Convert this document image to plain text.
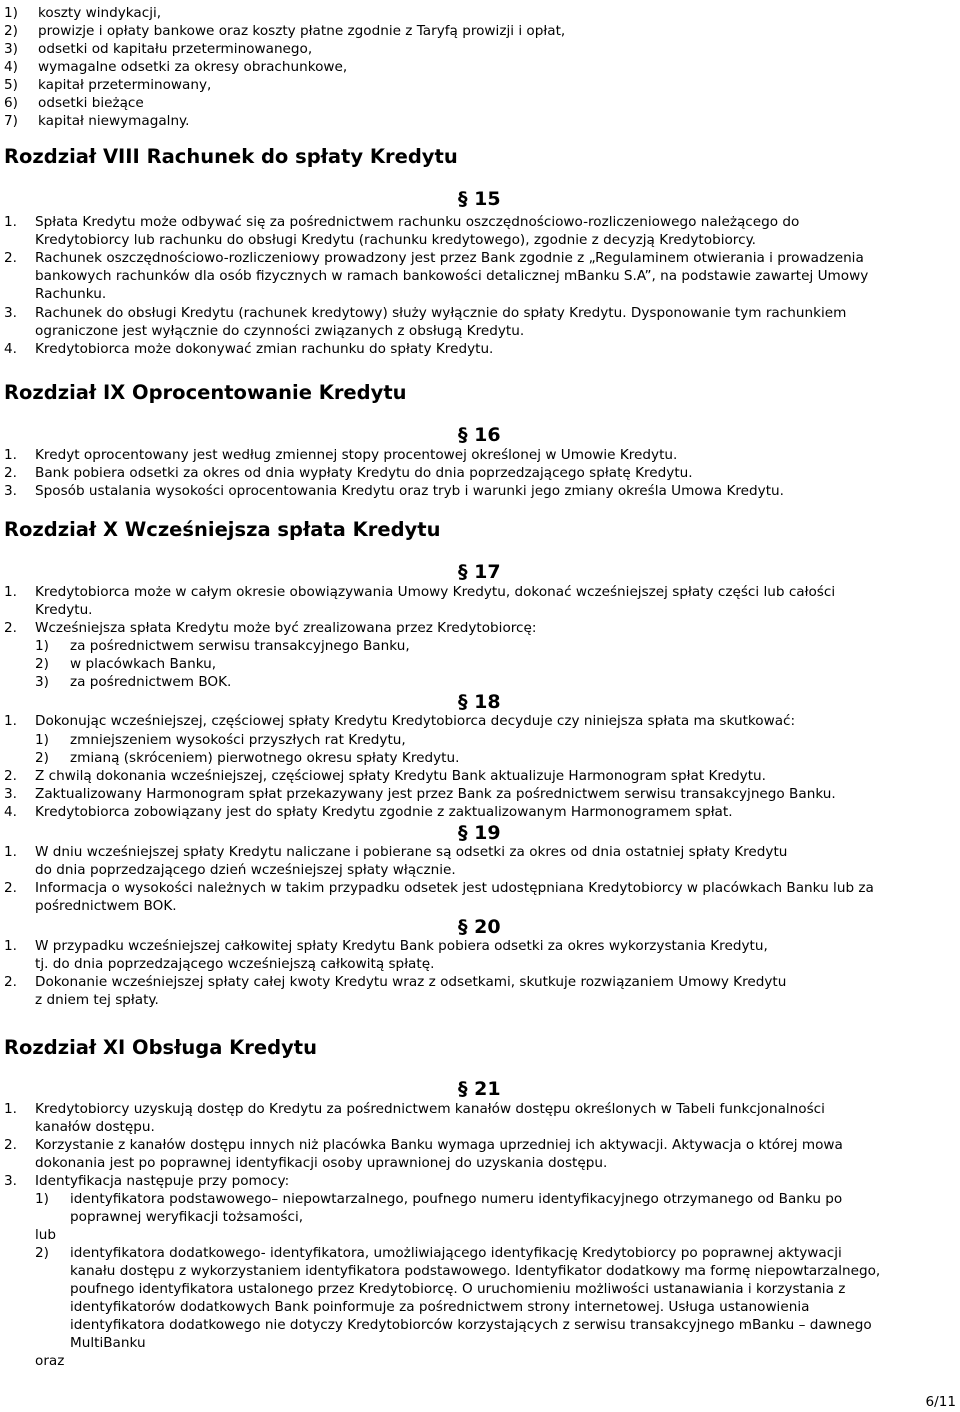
1) koszty windykacji,
2) prowizje i opłaty bankowe oraz koszty płatne zgodnie z Taryfą prowizji i opłat,
3) odsetki od kapitału przeterminowanego,
4) wymagalne odsetki za okresy obrachunkowe,
5) kapitał przeterminowany,
6) odsetki bieżące
7) kapitał niewymagalny.
Rozdział VIII Rachunek do spłaty Kredytu
§ 15
1. Spłata Kredytu może odbywać się za pośrednictwem rachunku oszczędnościowo-rozliczeniowego należącego do
Kredytobiorcy lub rachunku do obsługi Kredytu (rachunku kredytowego), zgodnie z decyzją Kredytobiorcy.
2. Rachunek oszczędnościowo-rozliczeniowy prowadzony jest przez Bank zgodnie z „Regulaminem otwierania i prowadzenia
bankowych rachunków dla osób fizycznych w ramach bankowości detalicznej mBanku S.A”, na podstawie zawartej Umowy
Rachunku.
3. Rachunek do obsługi Kredytu (rachunek kredytowy) służy wyłącznie do spłaty Kredytu. Dysponowanie tym rachunkiem
ograniczone jest wyłącznie do czynności związanych z obsługą Kredytu.
4. Kredytobiorca może dokonywać zmian rachunku do spłaty Kredytu.
Rozdział IX Oprocentowanie Kredytu
§ 16
1. Kredyt oprocentowany jest według zmiennej stopy procentowej określonej w Umowie Kredytu.
2. Bank pobiera odsetki za okres od dnia wypłaty Kredytu do dnia poprzedzającego spłatę Kredytu.
3. Sposób ustalania wysokości oprocentowania Kredytu oraz tryb i warunki jego zmiany określa Umowa Kredytu.
Rozdział X Wcześniejsza spłata Kredytu
§ 17
1. Kredytobiorca może w całym okresie obowiązywania Umowy Kredytu, dokonać wcześniejszej spłaty części lub całości
Kredytu.
2. Wcześniejsza spłata Kredytu może być zrealizowana przez Kredytobiorcę:
1) za pośrednictwem serwisu transakcyjnego Banku,
2) w placówkach Banku,
3) za pośrednictwem BOK.
§ 18
1. Dokonując wcześniejszej, częściowej spłaty Kredytu Kredytobiorca decyduje czy niniejsza spłata ma skutkować:
1) zmniejszeniem wysokości przyszłych rat Kredytu,
2) zmianą (skróceniem) pierwotnego okresu spłaty Kredytu.
2. Z chwilą dokonania wcześniejszej, częściowej spłaty Kredytu Bank aktualizuje Harmonogram spłat Kredytu.
3. Zaktualizowany Harmonogram spłat przekazywany jest przez Bank za pośrednictwem serwisu transakcyjnego Banku.
4. Kredytobiorca zobowiązany jest do spłaty Kredytu zgodnie z zaktualizowanym Harmonogramem spłat.
§ 19
1. W dniu wcześniejszej spłaty Kredytu naliczane i pobierane są odsetki za okres od dnia ostatniej spłaty Kredytu
do dnia poprzedzającego dzień wcześniejszej spłaty włącznie.
2. Informacja o wysokości należnych w takim przypadku odsetek jest udostępniana Kredytobiorcy w placówkach Banku lub za
pośrednictwem BOK.
§ 20
1. W przypadku wcześniejszej całkowitej spłaty Kredytu Bank pobiera odsetki za okres wykorzystania Kredytu,
tj. do dnia poprzedzającego wcześniejszą całkowitą spłatę.
2. Dokonanie wcześniejszej spłaty całej kwoty Kredytu wraz z odsetkami, skutkuje rozwiązaniem Umowy Kredytu
z dniem tej spłaty.
Rozdział XI Obsługa Kredytu
§ 21
1. Kredytobiorcy uzyskują dostęp do Kredytu za pośrednictwem kanałów dostępu określonych w Tabeli funkcjonalności
kanałów dostępu.
2. Korzystanie z kanałów dostępu innych niż placówka Banku wymaga uprzedniej ich aktywacji. Aktywacja o której mowa
dokonania jest po poprawnej identyfikacji osoby uprawnionej do uzyskania dostępu.
3. Identyfikacja następuje przy pomocy:
1) identyfikatora podstawowego– niepowtarzalnego, poufnego numeru identyfikacyjnego otrzymanego od Banku po
poprawnej weryfikacji tożsamości,
lub
2) identyfikatora dodatkowego- identyfikatora, umożliwiającego identyfikację Kredytobiorcy po poprawnej aktywacji
kanału dostępu z wykorzystaniem identyfikatora podstawowego. Identyfikator dodatkowy ma formę niepowtarzalnego,
poufnego identyfikatora ustalonego przez Kredytobiorcę. O uruchomieniu możliwości ustanawiania i korzystania z
identyfikatorów dodatkowych Bank poinformuje za pośrednictwem strony internetowej. Usługa ustanowienia
identyfikatora dodatkowego nie dotyczy Kredytobiorców korzystających z serwisu transakcyjnego mBanku – dawnego
MultiBanku
oraz
6/11
